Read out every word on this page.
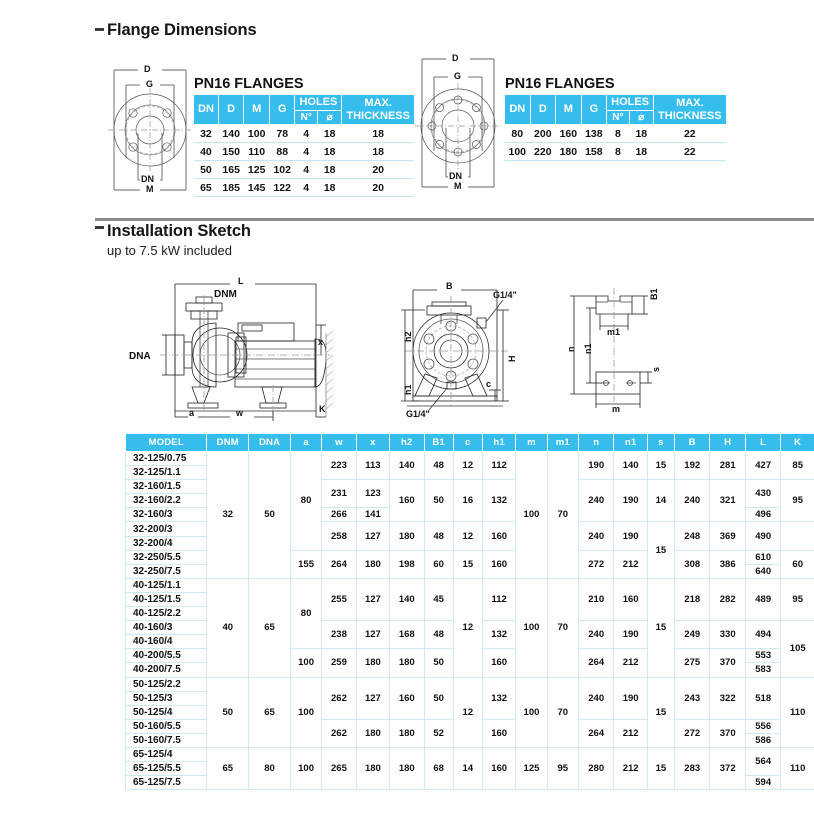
Flange Dimensions
D
G
DN
M
PN16 FLANGES
DN	D	M	G	HOLES		MAX.
THICKNESS

				N°	⌀	
32	140	100	78	4	18	18
40	150	110	88	4	18	18
50	165	125	102	4	18	20
65	185	145	122	4	18	20
D
G
DN
M
PN16 FLANGES
DN	D	M	G	HOLES		MAX.
THICKNESS

				N°	⌀	
80	200	160	138	8	18	22
100	220	180	158	8	18	22
Installation Sketch
up to 7.5 kW included
L
DNM
DNA
x
K
a	w
B
G1/4"
h2
h1
H
c
G1/4"
B1
m1
n n1
s
m
MODEL	DNM	DNA	a	w	x	h2	B1	c	h1	m	m1	n	n1	s	B	H	L	K
32-125/0.75	32	50	80	223	113	140	48	12	112	100	70	190	140	15	192	281	427	85
32-125/1.1																		
32-160/1.5				231	123	160	50	16	132			240	190	14	240	321	430	95
32-160/2.2																		
32-160/3				266	141												496	
32-200/3				258	127	180	48	12	160			240	190	15	248	369	490	
32-200/4																		
32-250/5.5			155	264	180	198	60	15	160			272	212		308	386	610	60
32-250/7.5																	640	
40-125/1.1	40	65	80	255	127	140	45	12	112	100	70	210	160	15	218	282	489	95
40-125/1.5																		
40-125/2.2																		
40-160/3				238	127	168	48		132			240	190		249	330	494	105
40-160/4																		
40-200/5.5			100	259	180	180	50		160			264	212		275	370	553	
40-200/7.5																	583	
50-125/2.2	50	65	100	262	127	160	50	12	132	100	70	240	190	15	243	322	518	110
50-125/3																		
50-125/4																		
50-160/5.5				262	180	180	52		160			264	212		272	370	556	
50-160/7.5																	586	
65-125/4	65	80	100	265	180	180	68	14	160	125	95	280	212	15	283	372	564	110
65-125/5.5																		
65-125/7.5																	594	
